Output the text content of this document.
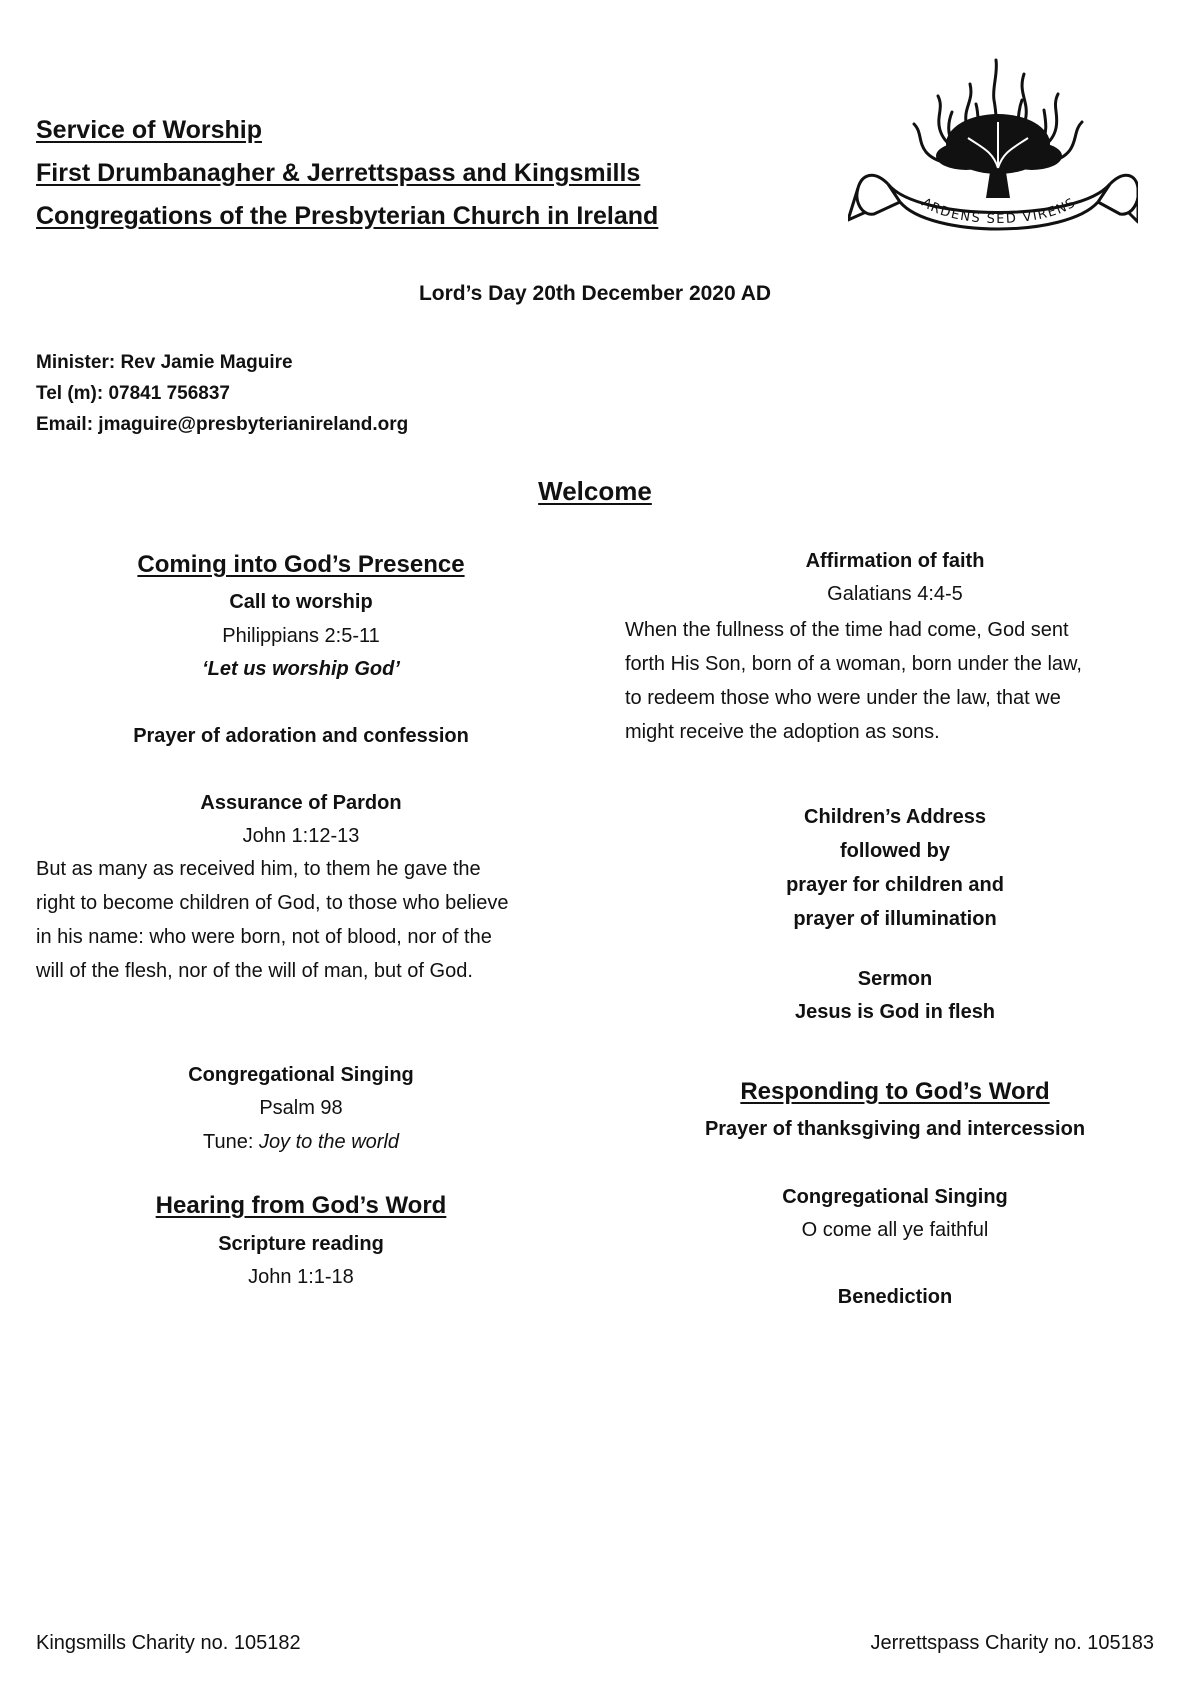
Service of Worship
First Drumbanagher & Jerrettspass and Kingsmills
Congregations of the Presbyterian Church in Ireland	ARDENS SED VIRENS
Lord’s Day 20th December 2020 AD
Minister: Rev Jamie Maguire
Tel (m): 07841 756837
Email: jmaguire@presbyterianireland.org
Welcome
Coming into God’s Presence
Call to worship
Philippians 2:5-11
‘Let us worship God’
Prayer of adoration and confession
Assurance of Pardon
John 1:12-13
But as many as received him, to them he gave the
right to become children of God, to those who believe
in his name: who were born, not of blood, nor of the
will of the flesh, nor of the will of man, but of God.
Congregational Singing
Psalm 98
Tune: Joy to the world
Hearing from God’s Word
Scripture reading
John 1:1-18
Affirmation of faith
Galatians 4:4-5
When the fullness of the time had come, God sent
forth His Son, born of a woman, born under the law,
to redeem those who were under the law, that we
might receive the adoption as sons.
Children’s Address
followed by
prayer for children and
prayer of illumination
Sermon
Jesus is God in flesh
Responding to God’s Word
Prayer of thanksgiving and intercession
Congregational Singing
O come all ye faithful
Benediction
Kingsmills Charity no. 105182	Jerrettspass Charity no. 105183
